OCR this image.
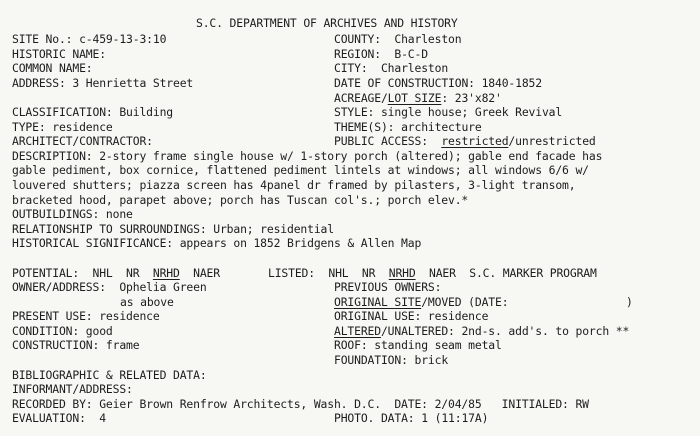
S.C. DEPARTMENT OF ARCHIVES AND HISTORY
SITE No.: c-459-13-3:10
HISTORIC NAME:
COMMON NAME:
ADDRESS: 3 Henrietta Street
COUNTY:  Charleston
REGION:  B-C-D
CITY:  Charleston
DATE OF CONSTRUCTION: 1840-1852
ACREAGE/LOT SIZE: 23'x82'
CLASSIFICATION: Building
TYPE: residence
ARCHITECT/CONTRACTOR:
STYLE: single house; Greek Revival
THEME(S): architecture
PUBLIC ACCESS:  restricted/unrestricted
DESCRIPTION: 2-story frame single house w/ 1-story porch (altered); gable end facade has
gable pediment, box cornice, flattened pediment lintels at windows; all windows 6/6 w/
louvered shutters; piazza screen has 4panel dr framed by pilasters, 3-light transom,
bracketed hood, parapet above; porch has Tuscan col's.; porch elev.*
OUTBUILDINGS: none
RELATIONSHIP TO SURROUNDINGS: Urban; residential
HISTORICAL SIGNIFICANCE: appears on 1852 Bridgens & Allen Map
POTENTIAL:  NHL  NR  NRHD  NAER	LISTED:  NHL  NR  NRHD  NAER  S.C. MARKER PROGRAM
OWNER/ADDRESS:  Ophelia Green
as above
PRESENT USE: residence
CONDITION: good
CONSTRUCTION: frame
PREVIOUS OWNERS:
ORIGINAL SITE/MOVED (DATE:	)
ORIGINAL USE: residence
ALTERED/UNALTERED: 2nd-s. add's. to porch **
ROOF: standing seam metal
FOUNDATION: brick
BIBLIOGRAPHIC & RELATED DATA:
INFORMANT/ADDRESS:
RECORDED BY: Geier Brown Renfrow Architects, Wash. D.C.  DATE: 2/04/85   INITIALED: RW
EVALUATION:  4	PHOTO. DATA: 1 (11:17A)
